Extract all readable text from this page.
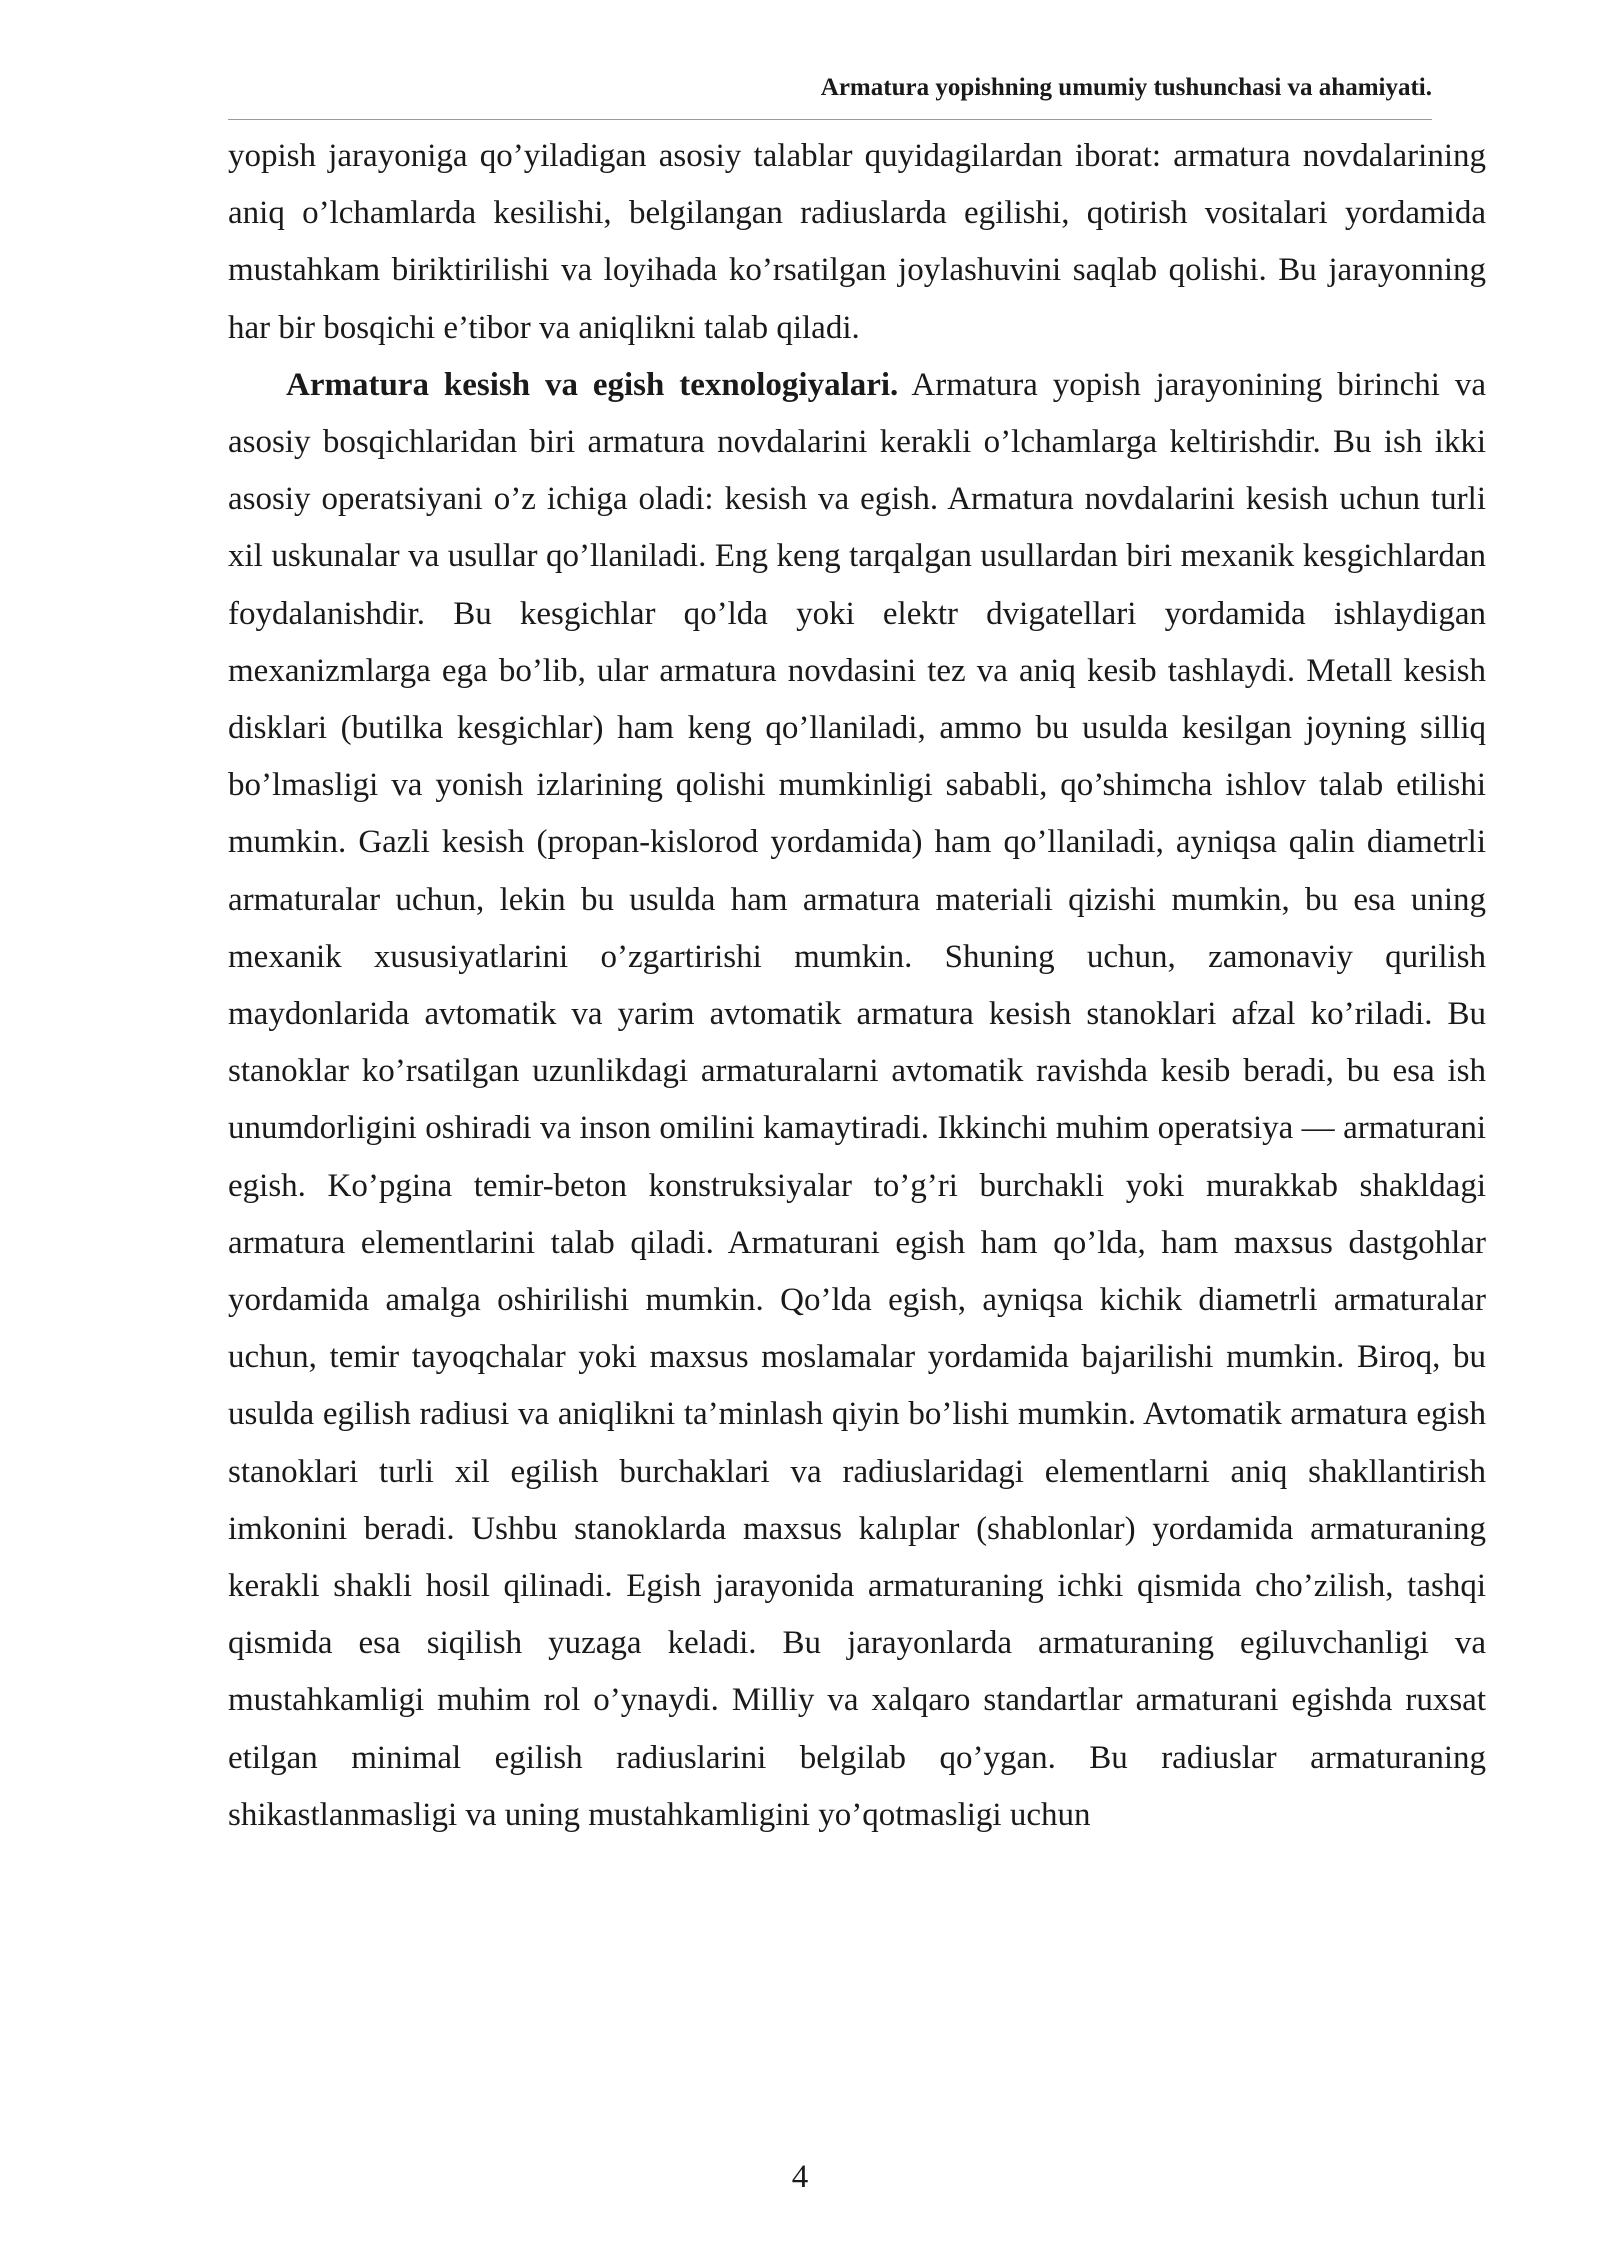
Armatura yopishning umumiy tushunchasi va ahamiyati.

yopish jarayoniga qo’yiladigan asosiy talablar quyidagilardan iborat: armatura novdalarining aniq o’lchamlarda kesilishi, belgilangan radiuslarda egilishi, qotirish vositalari yordamida mustahkam biriktirilishi va loyihada ko’rsatilgan joylashuvini saqlab qolishi. Bu jarayonning har bir bosqichi e’tibor va aniqlikni talab qiladi.

Armatura kesish va egish texnologiyalari. Armatura yopish jarayonining birinchi va asosiy bosqichlaridan biri armatura novdalarini kerakli o’lchamlarga keltirishdir. Bu ish ikki asosiy operatsiyani o’z ichiga oladi: kesish va egish. Armatura novdalarini kesish uchun turli xil uskunalar va usullar qo’llaniladi. Eng keng tarqalgan usullardan biri mexanik kesgichlardan foydalanishdir. Bu kesgichlar qo’lda yoki elektr dvigatellari yordamida ishlaydigan mexanizmlarga ega bo’lib, ular armatura novdasini tez va aniq kesib tashlaydi. Metall kesish disklari (butilka kesgichlar) ham keng qo’llaniladi, ammo bu usulda kesilgan joyning silliq bo’lmasligi va yonish izlarining qolishi mumkinligi sababli, qo’shimcha ishlov talab etilishi mumkin. Gazli kesish (propan-kislorod yordamida) ham qo’llaniladi, ayniqsa qalin diametrli armaturalar uchun, lekin bu usulda ham armatura materiali qizishi mumkin, bu esa uning mexanik xususiyatlarini o’zgartirishi mumkin. Shuning uchun, zamonaviy qurilish maydonlarida avtomatik va yarim avtomatik armatura kesish stanoklari afzal ko’riladi. Bu stanoklar ko’rsatilgan uzunlikdagi armaturalarni avtomatik ravishda kesib beradi, bu esa ish unumdorligini oshiradi va inson omilini kamaytiradi. Ikkinchi muhim operatsiya — armaturani egish. Ko’pgina temir-beton konstruksiyalar to’g’ri burchakli yoki murakkab shakldagi armatura elementlarini talab qiladi. Armaturani egish ham qo’lda, ham maxsus dastgohlar yordamida amalga oshirilishi mumkin. Qo’lda egish, ayniqsa kichik diametrli armaturalar uchun, temir tayoqchalar yoki maxsus moslamalar yordamida bajarilishi mumkin. Biroq, bu usulda egilish radiusi va aniqlikni ta’minlash qiyin bo’lishi mumkin. Avtomatik armatura egish stanoklari turli xil egilish burchaklari va radiuslaridagi elementlarni aniq shakllantirish imkonini beradi. Ushbu stanoklarda maxsus kalıplar (shablonlar) yordamida armaturaning kerakli shakli hosil qilinadi. Egish jarayonida armaturaning ichki qismida cho’zilish, tashqi qismida esa siqilish yuzaga keladi. Bu jarayonlarda armaturaning egiluvchanligi va mustahkamligi muhim rol o’ynaydi. Milliy va xalqaro standartlar armaturani egishda ruxsat etilgan minimal egilish radiuslarini belgilab qo’ygan. Bu radiuslar armaturaning shikastlanmasligi va uning mustahkamligini yo’qotmasligi uchun

4
